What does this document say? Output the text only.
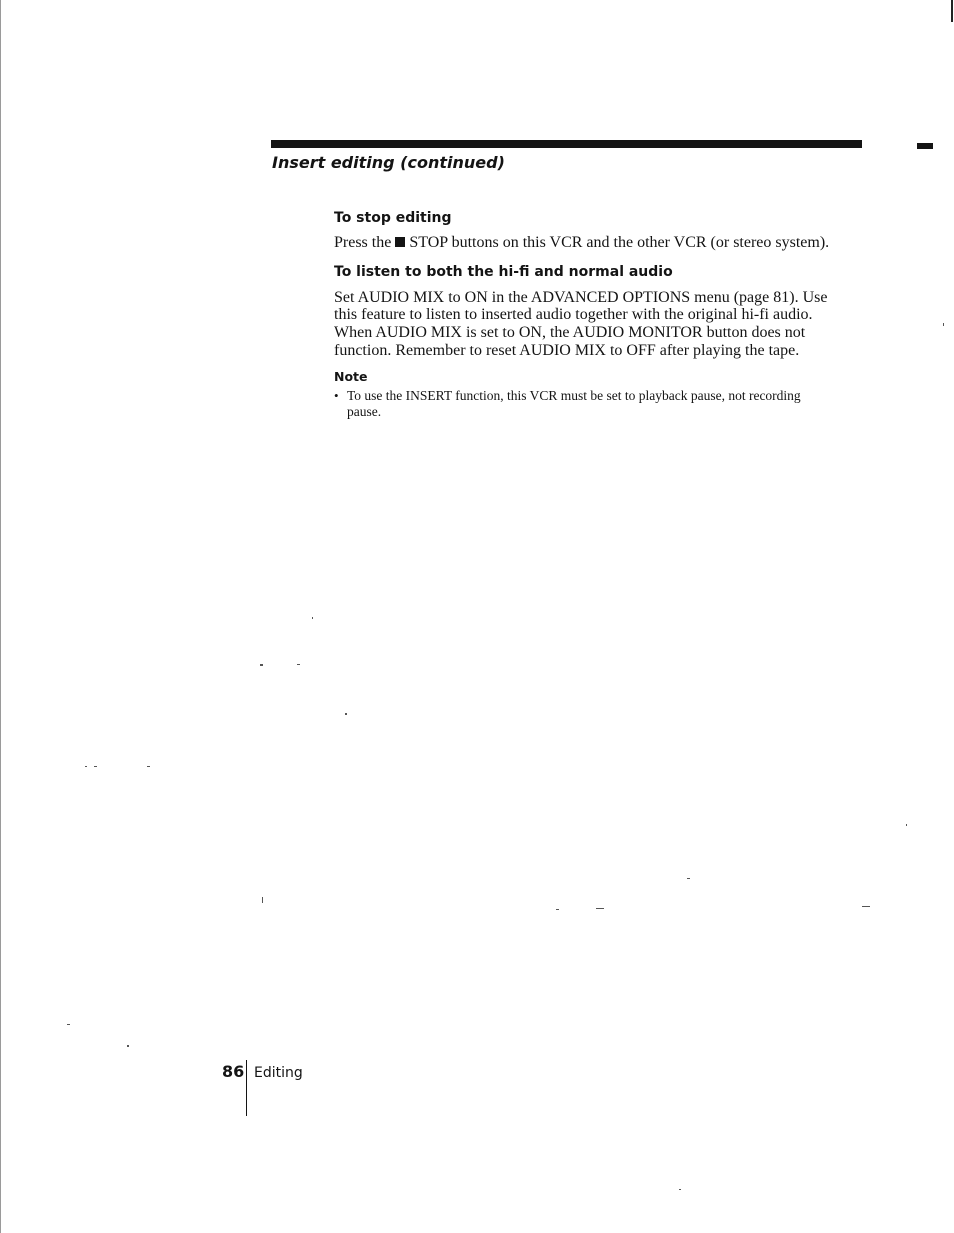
Insert editing (continued)
To stop editing

Press the STOP buttons on this VCR and the other VCR (or stereo system).

To listen to both the hi-fi and normal audio

Set AUDIO MIX to ON in the ADVANCED OPTIONS menu (page 81). Use

this feature to listen to inserted audio together with the original hi-fi audio.

When AUDIO MIX is set to ON, the AUDIO MONITOR button does not

function. Remember to reset AUDIO MIX to OFF after playing the tape.

Note
• To use the INSERT function, this VCR must be set to playback pause, not recording
pause.

86 Editing
